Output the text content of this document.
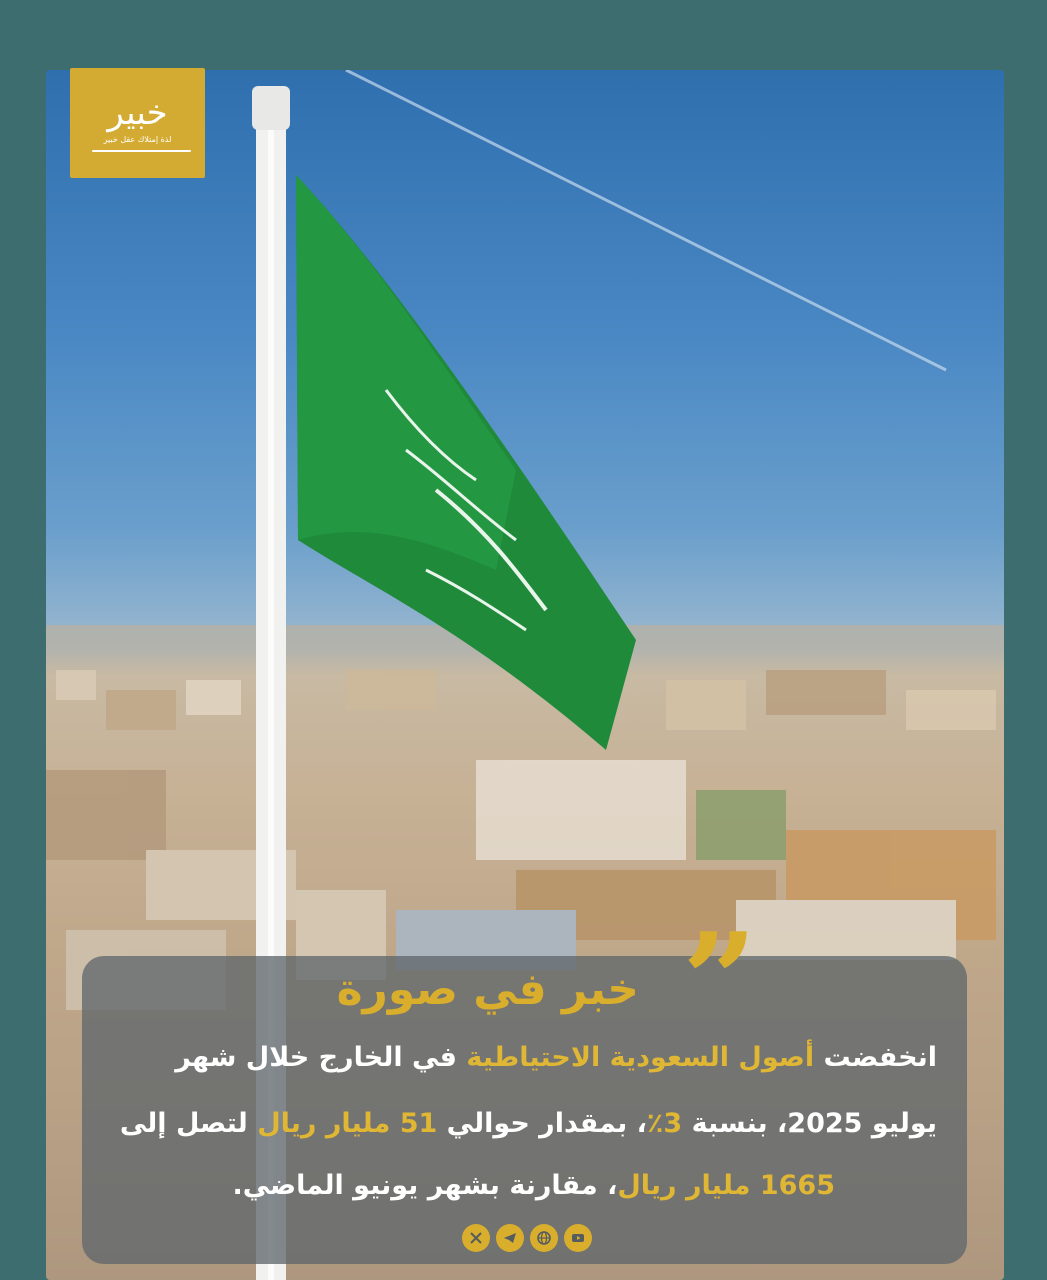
خبير
لذة إمتلاك عقل خبير
”
خبر في صورة
انخفضت أصول السعودية الاحتياطية في الخارج خلال شهر
يوليو 2025، بنسبة 3٪، بمقدار حوالي 51 مليار ريال لتصل إلى
1665 مليار ريال، مقارنة بشهر يونيو الماضي.
